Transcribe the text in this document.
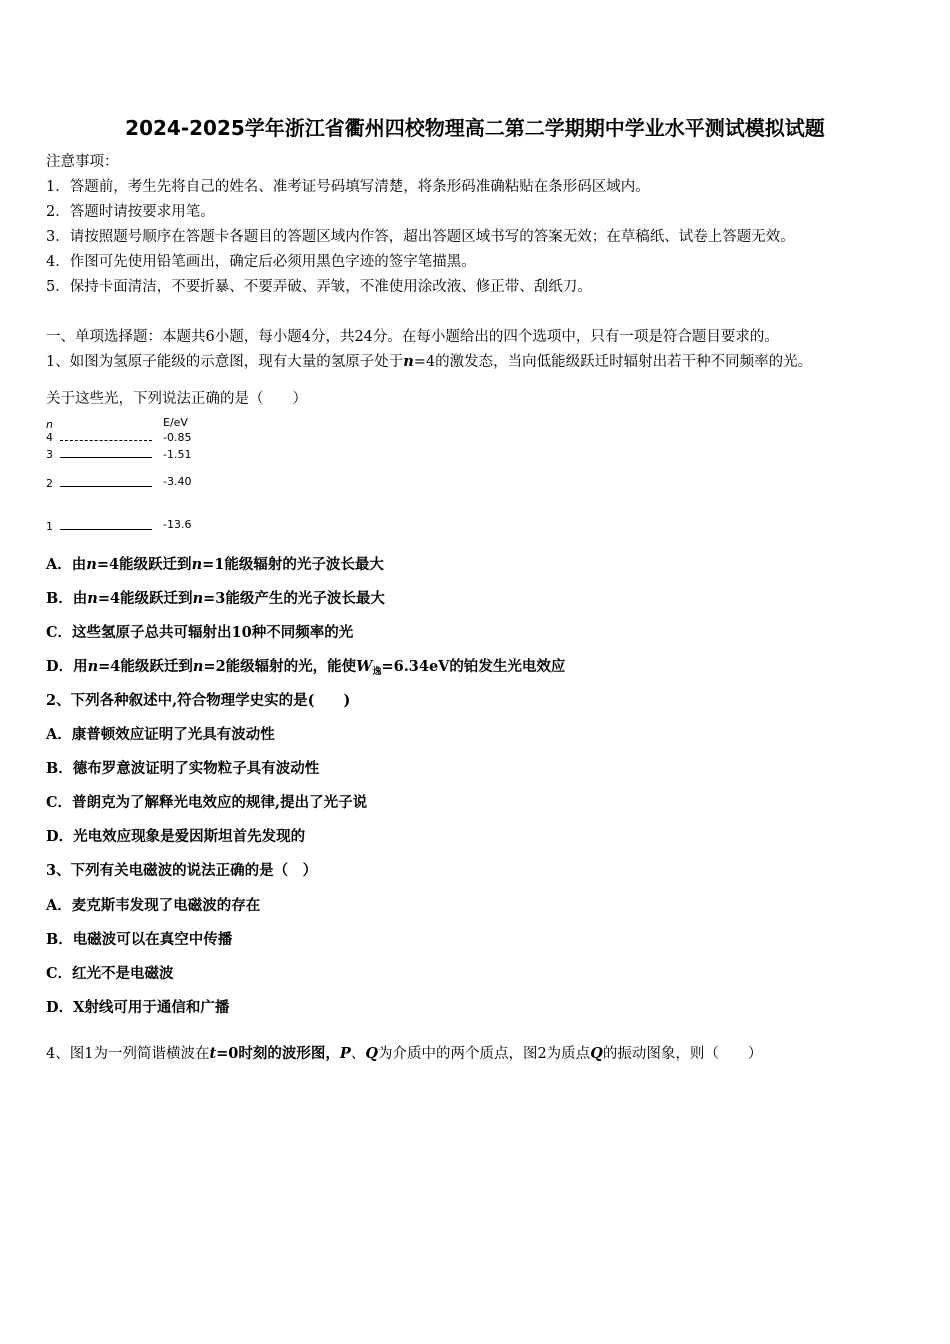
2024-2025学年浙江省衢州四校物理高二第二学期期中学业水平测试模拟试题
注意事项：
1．答题前，考生先将自己的姓名、准考证号码填写清楚，将条形码准确粘贴在条形码区域内。
2．答题时请按要求用笔。
3．请按照题号顺序在答题卡各题目的答题区域内作答，超出答题区域书写的答案无效；在草稿纸、试卷上答题无效。
4．作图可先使用铅笔画出，确定后必须用黑色字迹的签字笔描黑。
5．保持卡面清洁，不要折暴、不要弄破、弄皱，不准使用涂改液、修正带、刮纸刀。
一、单项选择题：本题共6小题，每小题4分，共24分。在每小题给出的四个选项中，只有一项是符合题目要求的。
1、如图为氢原子能级的示意图，现有大量的氢原子处于n=4的激发态，当向低能级跃迁时辐射出若干种不同频率的光。
关于这些光，下列说法正确的是（　　）
n	E/eV
4	-0.85
3	-1.51
2	-3.40
1	-13.6
A．由n=4能级跃迁到n=1能级辐射的光子波长最大
B．由n=4能级跃迁到n=3能级产生的光子波长最大
C．这些氢原子总共可辐射出10种不同频率的光
D．用n=4能级跃迁到n=2能级辐射的光，能使$W_逸=6.34eV$的铂发生光电效应
2、下列各种叙述中,符合物理学史实的是(　　)
A．康普顿效应证明了光具有波动性
B．德布罗意波证明了实物粒子具有波动性
C．普朗克为了解释光电效应的规律,提出了光子说
D．光电效应现象是爱因斯坦首先发现的
3、下列有关电磁波的说法正确的是（　）
A．麦克斯韦发现了电磁波的存在
B．电磁波可以在真空中传播
C．红光不是电磁波
D．X射线可用于通信和广播
4、图1为一列简谐横波在t=0时刻的波形图，P、Q为介质中的两个质点，图2为质点Q的振动图象，则（　　）
